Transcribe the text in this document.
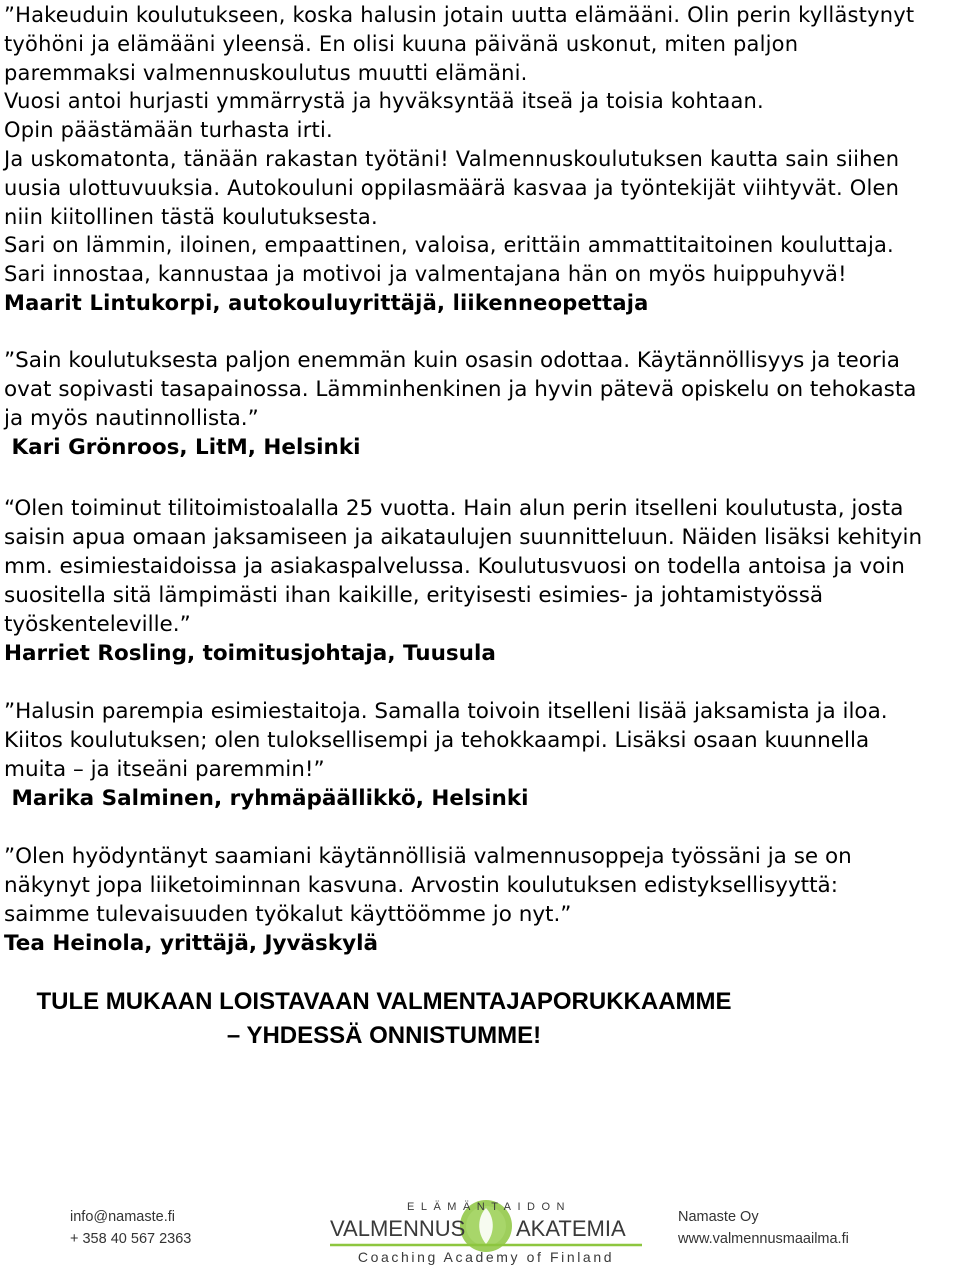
”Hakeuduin koulutukseen, koska halusin jotain uutta elämääni. Olin perin kyllästynyt
työhöni ja elämääni yleensä. En olisi kuuna päivänä uskonut, miten paljon
paremmaksi valmennuskoulutus muutti elämäni.
Vuosi antoi hurjasti ymmärrystä ja hyväksyntää itseä ja toisia kohtaan.
Opin päästämään turhasta irti.
Ja uskomatonta, tänään rakastan työtäni! Valmennuskoulutuksen kautta sain siihen
uusia ulottuvuuksia. Autokouluni oppilasmäärä kasvaa ja työntekijät viihtyvät. Olen
niin kiitollinen tästä koulutuksesta.
Sari on lämmin, iloinen, empaattinen, valoisa, erittäin ammattitaitoinen kouluttaja.
Sari innostaa, kannustaa ja motivoi ja valmentajana hän on myös huippuhyvä!
Maarit Lintukorpi, autokouluyrittäjä, liikenneopettaja
”Sain koulutuksesta paljon enemmän kuin osasin odottaa. Käytännöllisyys ja teoria
ovat sopivasti tasapainossa. Lämminhenkinen ja hyvin pätevä opiskelu on tehokasta
ja myös nautinnollista.”
Kari Grönroos, LitM, Helsinki
“Olen toiminut tilitoimistoalalla 25 vuotta. Hain alun perin itselleni koulutusta, josta
saisin apua omaan jaksamiseen ja aikataulujen suunnitteluun. Näiden lisäksi kehityin
mm. esimiestaidoissa ja asiakaspalvelussa. Koulutusvuosi on todella antoisa ja voin
suositella sitä lämpimästi ihan kaikille, erityisesti esimies- ja johtamistyössä
työskenteleville.”
Harriet Rosling, toimitusjohtaja, Tuusula
”Halusin parempia esimiestaitoja. Samalla toivoin itselleni lisää jaksamista ja iloa.
Kiitos koulutuksen; olen tuloksellisempi ja tehokkaampi. Lisäksi osaan kuunnella
muita – ja itseäni paremmin!”
Marika Salminen, ryhmäpäällikkö, Helsinki
”Olen hyödyntänyt saamiani käytännöllisiä valmennusoppeja työssäni ja se on
näkynyt jopa liiketoiminnan kasvuna. Arvostin koulutuksen edistyksellisyyttä:
saimme tulevaisuuden työkalut käyttöömme jo nyt.”
Tea Heinola, yrittäjä, Jyväskylä
TULE MUKAAN LOISTAVAAN VALMENTAJAPORUKKAAMME
– YHDESSÄ ONNISTUMME!
info@namaste.fi
+ 358 40 567 2363
ELÄMÄNTAIDON
VALMENNUS AKATEMIA
Coaching Academy of Finland
Namaste Oy
www.valmennusmaailma.fi
